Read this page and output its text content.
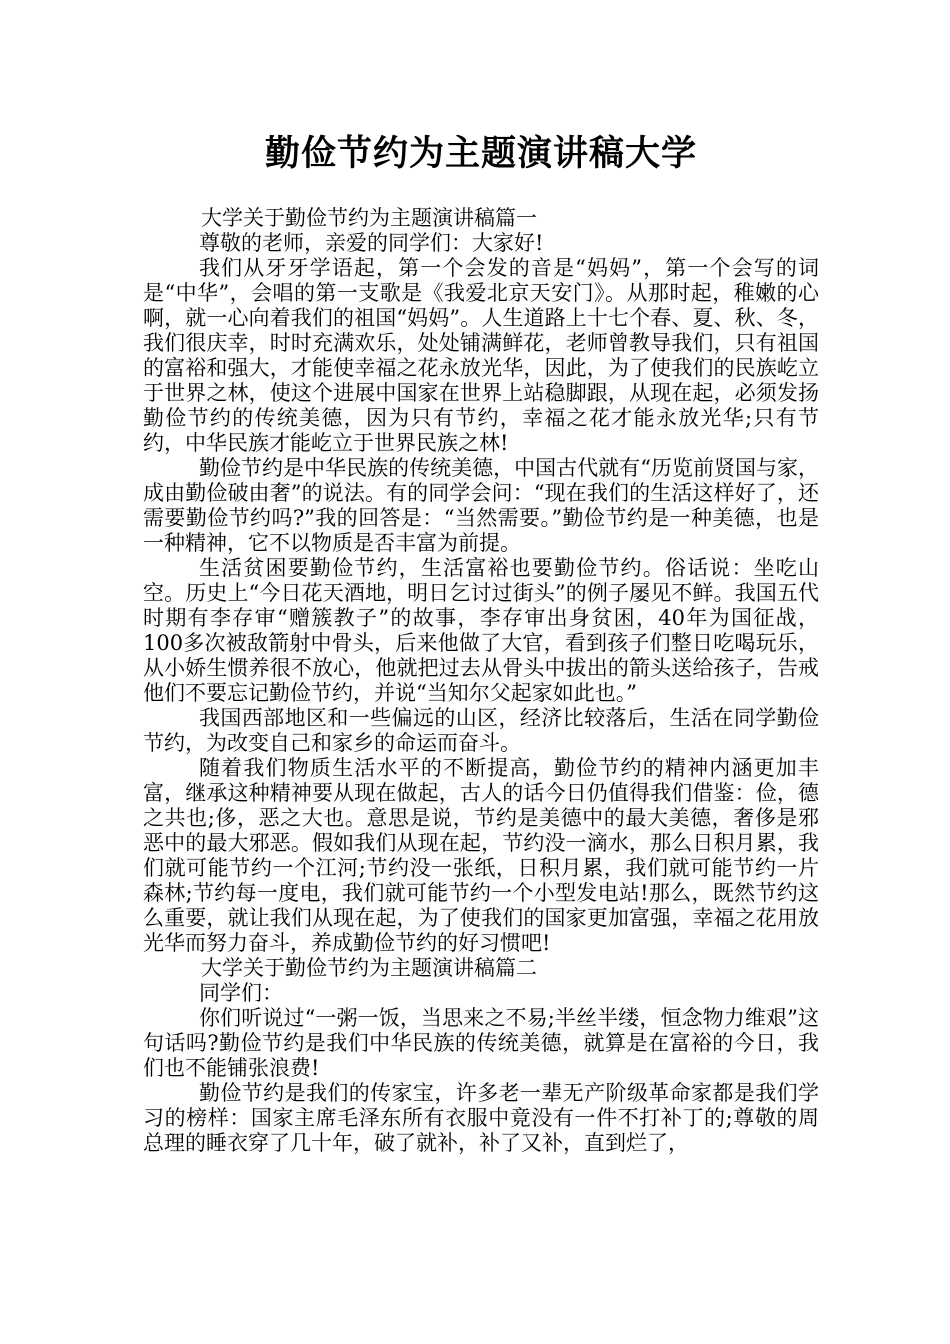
勤俭节约为主题演讲稿大学

大学关于勤俭节约为主题演讲稿篇一

尊敬的老师，亲爱的同学们：大家好!

我们从牙牙学语起，第一个会发的音是“妈妈”，第一个会写的词是“中华”，会唱的第一支歌是《我爱北京天安门》。从那时起，稚嫩的心啊，就一心向着我们的祖国“妈妈”。人生道路上十七个春、夏、秋、冬，我们很庆幸，时时充满欢乐，处处铺满鲜花，老师曾教导我们，只有祖国的富裕和强大，才能使幸福之花永放光华，因此，为了使我们的民族屹立于世界之林，使这个进展中国家在世界上站稳脚跟，从现在起，必须发扬勤俭节约的传统美德，因为只有节约，幸福之花才能永放光华;只有节约，中华民族才能屹立于世界民族之林!

勤俭节约是中华民族的传统美德，中国古代就有“历览前贤国与家，成由勤俭破由奢”的说法。有的同学会问：“现在我们的生活这样好了，还需要勤俭节约吗?”我的回答是：“当然需要。”勤俭节约是一种美德，也是一种精神，它不以物质是否丰富为前提。

生活贫困要勤俭节约，生活富裕也要勤俭节约。俗话说：坐吃山空。历史上“今日花天酒地，明日乞讨过街头”的例子屡见不鲜。我国五代时期有李存审“赠簇教子”的故事，李存审出身贫困，40年为国征战，100多次被敌箭射中骨头，后来他做了大官，看到孩子们整日吃喝玩乐，从小娇生惯养很不放心，他就把过去从骨头中拔出的箭头送给孩子，告戒他们不要忘记勤俭节约，并说“当知尔父起家如此也。”

我国西部地区和一些偏远的山区，经济比较落后，生活在同学勤俭节约，为改变自己和家乡的命运而奋斗。

随着我们物质生活水平的不断提高，勤俭节约的精神内涵更加丰富，继承这种精神要从现在做起，古人的话今日仍值得我们借鉴：俭，德之共也;侈，恶之大也。意思是说，节约是美德中的最大美德，奢侈是邪恶中的最大邪恶。假如我们从现在起，节约没一滴水，那么日积月累，我们就可能节约一个江河;节约没一张纸，日积月累，我们就可能节约一片森林;节约每一度电，我们就可能节约一个小型发电站!那么，既然节约这么重要，就让我们从现在起，为了使我们的国家更加富强，幸福之花用放光华而努力奋斗，养成勤俭节约的好习惯吧!

大学关于勤俭节约为主题演讲稿篇二

同学们：

你们听说过“一粥一饭，当思来之不易;半丝半缕，恒念物力维艰”这句话吗?勤俭节约是我们中华民族的传统美德，就算是在富裕的今日，我们也不能铺张浪费!

勤俭节约是我们的传家宝，许多老一辈无产阶级革命家都是我们学习的榜样：国家主席毛泽东所有衣服中竟没有一件不打补丁的;尊敬的周总理的睡衣穿了几十年，破了就补，补了又补，直到烂了，
